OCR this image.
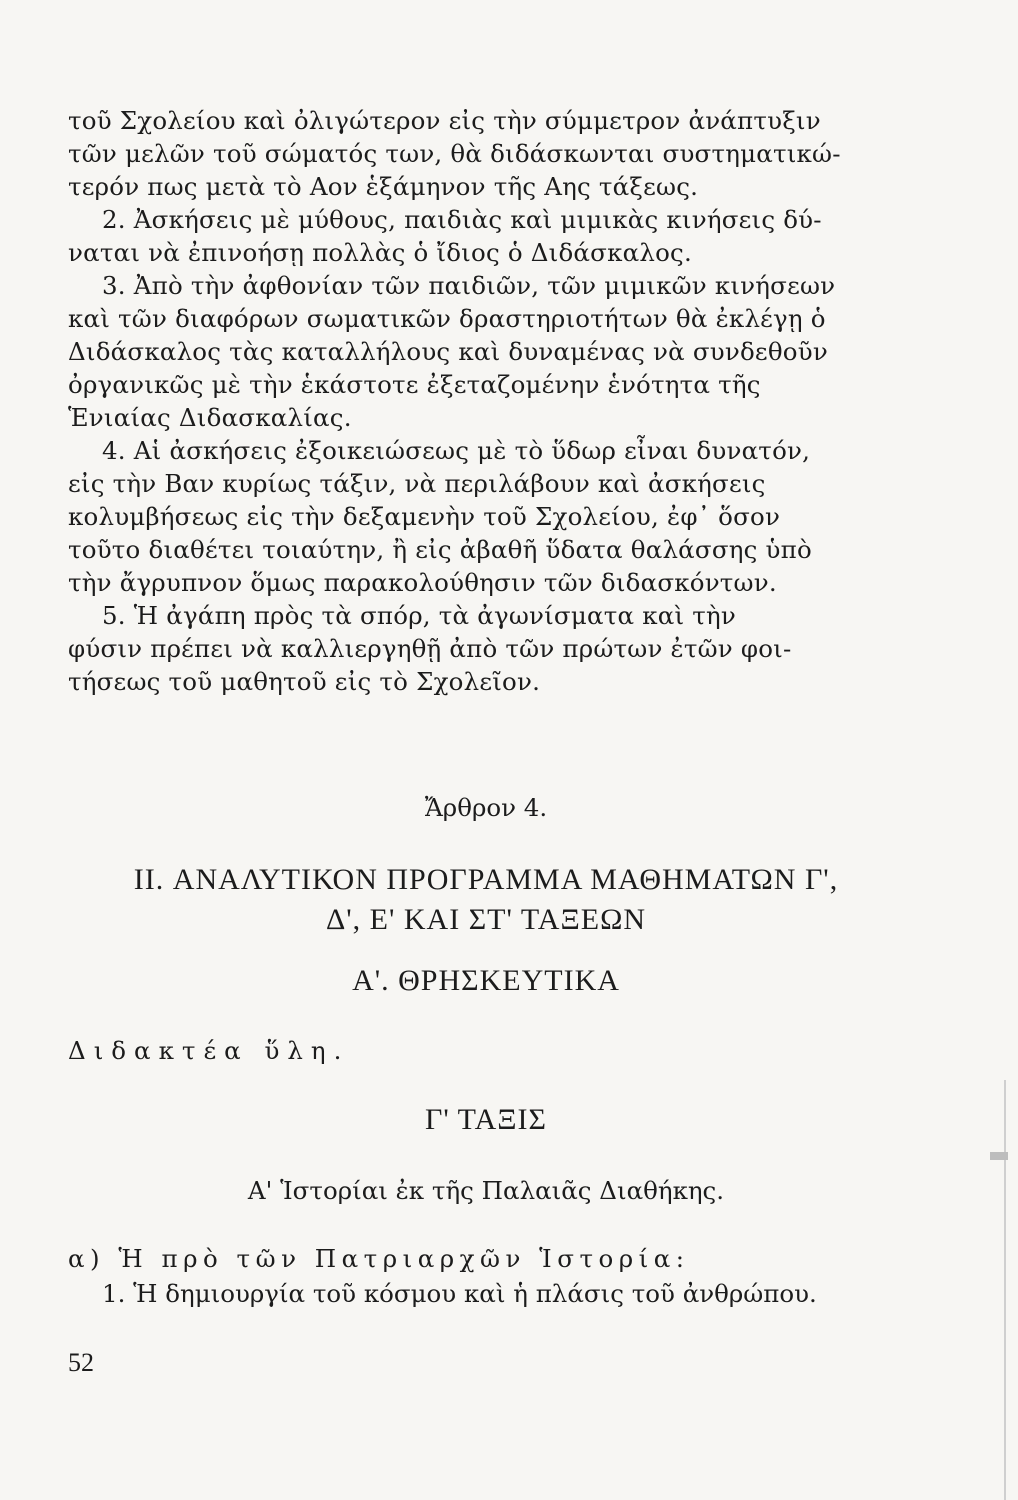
τοῦ Σχολείου καὶ ὀλιγώτερον εἰς τὴν σύμμετρον ἀνάπτυξιν

τῶν μελῶν τοῦ σώματός των, θὰ διδάσκωνται συστηματικώ-

τερόν πως μετὰ τὸ Αον ἑξάμηνον τῆς Αης τάξεως.

2. Ἀσκήσεις μὲ μύθους, παιδιὰς καὶ μιμικὰς κινήσεις δύ-

ναται νὰ ἐπινοήσῃ πολλὰς ὁ ἴδιος ὁ Διδάσκαλος.

3. Ἀπὸ τὴν ἀφθονίαν τῶν παιδιῶν, τῶν μιμικῶν κινήσεων

καὶ τῶν διαφόρων σωματικῶν δραστηριοτήτων θὰ ἐκλέγῃ ὁ

Διδάσκαλος τὰς καταλλήλους καὶ δυναμένας νὰ συνδεθοῦν

ὀργανικῶς μὲ τὴν ἑκάστοτε ἐξεταζομένην ἑνότητα τῆς

Ἑνιαίας Διδασκαλίας.

4. Αἱ ἀσκήσεις ἐξοικειώσεως μὲ τὸ ὕδωρ εἶναι δυνατόν,

εἰς τὴν Βαν κυρίως τάξιν, νὰ περιλάβουν καὶ ἀσκήσεις

κολυμβήσεως εἰς τὴν δεξαμενὴν τοῦ Σχολείου, ἐφ᾽ ὅσον

τοῦτο διαθέτει τοιαύτην, ἢ εἰς ἀβαθῆ ὕδατα θαλάσσης ὑπὸ

τὴν ἄγρυπνον ὅμως παρακολούθησιν τῶν διδασκόντων.

5. Ἡ ἀγάπη πρὸς τὰ σπόρ, τὰ ἀγωνίσματα καὶ τὴν

φύσιν πρέπει νὰ καλλιεργηθῇ ἀπὸ τῶν πρώτων ἐτῶν φοι-

τήσεως τοῦ μαθητοῦ εἰς τὸ Σχολεῖον.

Ἄρθρον 4.
II. ΑΝΑΛΥΤΙΚΟΝ ΠΡΟΓΡΑΜΜΑ ΜΑΘΗΜΑΤΩΝ Γ',
Δ', Ε' ΚΑΙ ΣΤ' ΤΑΞΕΩΝ
Α'. ΘΡΗΣΚΕΥΤΙΚΑ
Διδακτέα ὕλη.
Γ' ΤΑΞΙΣ
Α' Ἱστορίαι ἐκ τῆς Παλαιᾶς Διαθήκης.
α) Ἡ πρὸ τῶν Πατριαρχῶν Ἱστορία:
1. Ἡ δημιουργία τοῦ κόσμου καὶ ἡ πλάσις τοῦ ἀνθρώπου.
52
